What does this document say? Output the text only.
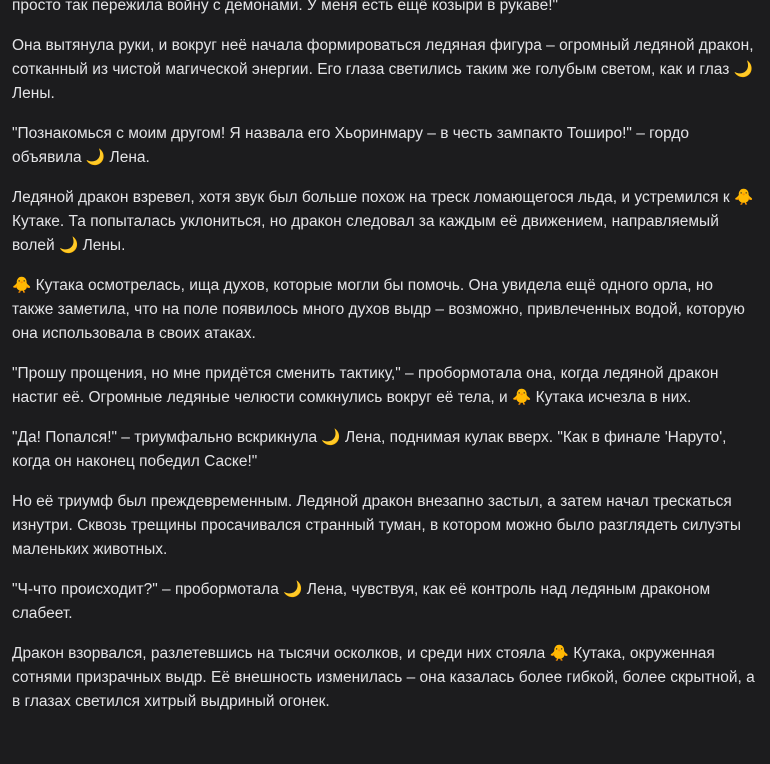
просто так пережила войну с демонами. У меня есть ещё козыри в рукаве!"

Она вытянула руки, и вокруг неё начала формироваться ледяная фигура – огромный ледяной дракон, сотканный из чистой магической энергии. Его глаза светились таким же голубым светом, как и глаз 🌙 Лены.

"Познакомься с моим другом! Я назвала его Хьоринмару – в честь зампакто Тоширо!" – гордо объявила 🌙 Лена.

Ледяной дракон взревел, хотя звук был больше похож на треск ломающегося льда, и устремился к 🐥 Кутаке. Та попыталась уклониться, но дракон следовал за каждым её движением, направляемый волей 🌙 Лены.

🐥 Кутака осмотрелась, ища духов, которые могли бы помочь. Она увидела ещё одного орла, но также заметила, что на поле появилось много духов выдр – возможно, привлеченных водой, которую она использовала в своих атаках.

"Прошу прощения, но мне придётся сменить тактику," – пробормотала она, когда ледяной дракон настиг её. Огромные ледяные челюсти сомкнулись вокруг её тела, и 🐥 Кутака исчезла в них.

"Да! Попался!" – триумфально вскрикнула 🌙 Лена, поднимая кулак вверх. "Как в финале 'Наруто', когда он наконец победил Саске!"

Но её триумф был преждевременным. Ледяной дракон внезапно застыл, а затем начал трескаться изнутри. Сквозь трещины просачивался странный туман, в котором можно было разглядеть силуэты маленьких животных.

"Ч-что происходит?" – пробормотала 🌙 Лена, чувствуя, как её контроль над ледяным драконом слабеет.

Дракон взорвался, разлетевшись на тысячи осколков, и среди них стояла 🐥 Кутака, окруженная сотнями призрачных выдр. Её внешность изменилась – она казалась более гибкой, более скрытной, а в глазах светился хитрый выдриный огонек.
